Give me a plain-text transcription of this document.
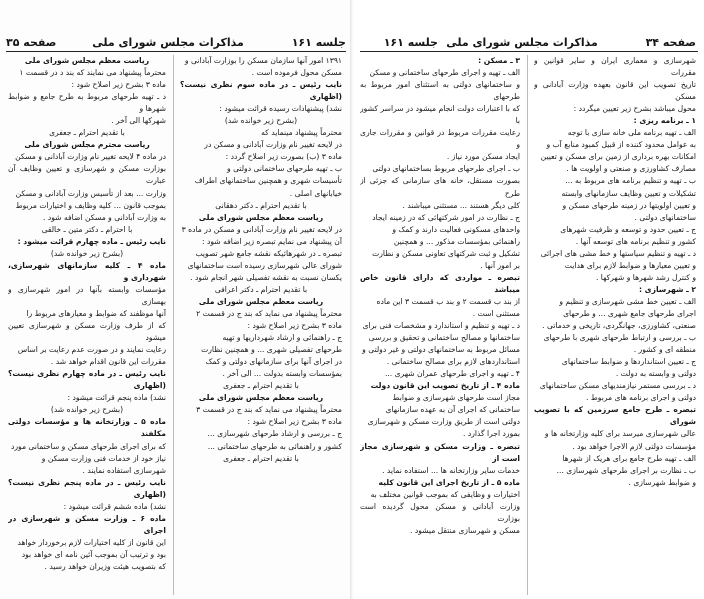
صفحه ۳۵	مذاکرات مجلس شورای ملی	جلسه ۱۶۱

ریاست معظم مجلس شورای ملی

محترماً پیشنهاد می نمایند که بند د در قسمت ۱

ماده ۳ بشرح زیر اصلاح شود :

د ـ تهیه طرحهای مربوط به طرح جامع و ضوابط شهرها و

شهرکها الی آخر .

با تقدیم احترام ـ جعفری

ریاست محترم مجلس شورای ملی

در ماده ۴ لایحه تغییر نام وزارت آبادانی و مسکن

بوزارت مسکن و شهرسازی و تعیین وظایف آن عبارت

وزارت ... بعد از تأسیس وزارت آبادانی و مسکن

بموجب قانون ... کلیه وظایف و اختیارات مربوط

به وزارت آبادانی و مسکن اضافه شود .

با احترام ـ دکتر متین ـ خالقی

نایب رئیس ـ ماده چهارم قرائت میشود :

(بشرح زیر خوانده شد)

ماده ۴ ـ کلیه سازمانهای شهرسازی، شهرداری و

مؤسسات وابسته بآنها در امور شهرسازی و بهسازی

آنها موظفند که ضوابط و معیارهای مربوط را

که از طرف وزارت مسکن و شهرسازی تعیین میشود

رعایت نمایند و در صورت عدم رعایت بر اساس

مقررات این قانون اقدام خواهد شد .

نایب رئیس ـ در ماده چهارم نظری نیست؟ (اظهاری

نشد) ماده پنجم قرائت میشود :

(بشرح زیر خوانده شد)

ماده ۵ ـ وزارتخانه ها و مؤسسات دولتی مکلفند

که برای اجرای طرحهای مسکن و ساختمانی مورد

نیاز خود از خدمات فنی وزارت مسکن و

شهرسازی استفاده نمایند .

نایب رئیس ـ در ماده پنجم نظری نیست؟ (اظهاری

نشد) ماده ششم قرائت میشود :

ماده ۶ ـ وزارت مسکن و شهرسازی در اجرای

این قانون از کلیه اختیارات لازم برخوردار خواهد

بود و ترتیب آن بموجب آئین نامه ای خواهد بود

که بتصویب هیئت وزیران خواهد رسید .

۱۳۹۱ امور آنها سازمان مسکن را بوزارت آبادانی و

مسکن محول فرموده است .

نایب رئیس ـ در ماده سوم نظری نیست؟ (اظهاری

نشد) پیشنهادات رسیده قرائت میشود :

(بشرح زیر خوانده شد)

محترماً پیشنهاد مینماید که

در لایحه تغییر نام وزارت آبادانی و مسکن در

ماده ۳ (ب) بصورت زیر اصلاح گردد :

ب ـ تهیه طرحهای ساختمانی دولتی و

تأسیسات شهری و همچنین ساختمانهای اطراف

خیابانهای اصلی .

با تقدیم احترام ـ دکتر دهقانی

ریاست معظم مجلس شورای ملی

در لایحه تغییر نام وزارت آبادانی و مسکن در ماده ۳

آن پیشنهاد می نمایم تبصره زیر اضافه شود :

تبصره ـ در شهرهائیکه نقشه جامع شهر تصویب

شورای عالی شهرسازی رسیده است ساختمانهای

یکسان نسبت به نقشه تفصیلی شهر انجام شود .

با تقدیم احترام ـ دکتر اعرافی

ریاست معظم مجلس شورای ملی

محترماً پیشنهاد می نماید که بند ج در قسمت ۲

ماده ۳ بشرح زیر اصلاح شود :

ج ـ راهنمائی و ارشاد شهرداریها و تهیه

طرحهای تفصیلی شهری ... و همچنین نظارت

در اجرای آنها برای سازمانهای دولتی و کمک

بمؤسسات وابسته بدولت ... الی آخر .

با تقدیم احترام ـ جعفری

ریاست معظم مجلس شورای ملی

محترماً پیشنهاد می نماید که بند ج در قسمت ۳

ماده ۳ بشرح زیر اصلاح شود :

ج ـ بررسی و ارشاد طرحهای شهرسازی ...

کشور و راهنمائی به طرحهای ساختمانی ...

با تقدیم احترام ـ جعفری

جلسه ۱۶۱ مذاکرات مجلس شورای ملی	صفحه ۳۴

۳ ـ مسکن :

الف ـ تهیه و اجرای طرحهای ساختمانی و مسکن

و ساختمانهای دولتی به استثنای امور مربوط به طرحهای

که با اعتبارات دولت انجام میشود در سراسر کشور با

رعایت مقررات مربوط در قوانین و مقررات جاری و

ایجاد مسکن مورد نیاز .

ب ـ اجرای طرحهای مربوط بساختمانهای دولتی

بصورت مستقل، خانه های سازمانی که جزئی از طرح

کلی دیگر هستند ... مستثنی میباشند .

ج ـ نظارت در امور شرکتهائی که در زمینه ایجاد

واحدهای مسکونی فعالیت دارند و کمک و

راهنمائی بمؤسسات مذکور ... و همچنین

تشکیل و ثبت شرکتهای تعاونی مسکن و نظارت

بر امور آنها .

تبصره ـ مواردی که دارای قانون خاص میباشد

از بند ب قسمت ۲ و بند ب قسمت ۳ این ماده

مستثنی است .

د ـ تهیه و تنظیم و استاندارد و مشخصات فنی برای

ساختمانها و مصالح ساختمانی و تحقیق و بررسی

مسائل مربوط به ساختمانهای دولتی و غیر دولتی و

استانداردهای لازم برای مصالح ساختمانی .

۴ ـ تهیه و اجرای طرحهای عمران شهری ...

ماده ۴ ـ از تاریخ تصویب این قانون دولت

مجاز است طرحهای شهرسازی و ضوابط

ساختمانی که اجرای آن به عهده سازمانهای

دولتی است از طریق وزارت مسکن و شهرسازی

بمورد اجرا گذارد .

تبصره ـ وزارت مسکن و شهرسازی مجاز است از

خدمات سایر وزارتخانه ها ... استفاده نماید .

ماده ۵ ـ از تاریخ اجرای این قانون کلیه

اختیارات و وظایفی که بموجب قوانین مختلف به

وزارت آبادانی و مسکن محول گردیده است بوزارت

مسکن و شهرسازی منتقل میشود .

شهرسازی و معماری ایران و سایر قوانین و مقررات

تاریخ تصویب این قانون بعهده وزارت آبادانی و مسکن

محول میباشد بشرح زیر تعیین میگردد :

۱ ـ برنامه ریزی :

الف ـ تهیه برنامه ملی خانه سازی با توجه

به عوامل محدود کننده از قبیل کمبود منابع آب و

امکانات بهره برداری از زمین برای مسکن و تعیین

مصارف کشاورزی و صنعتی و اولویت ها .

ب ـ تهیه و تنظیم برنامه های مربوط به ...

تشکیلات و تعیین وظایف سازمانهای وابسته

و تعیین اولویتها در زمینه طرحهای مسکن و

ساختمانهای دولتی .

ج ـ تعیین حدود و توسعه و ظرفیت شهرهای

کشور و تنظیم برنامه های توسعه آنها .

د ـ تهیه و تنظیم سیاستها و خط مشی های اجرائی

و تعیین معیارها و ضوابط لازم برای هدایت

و کنترل رشد شهرها و شهرکها .

۲ ـ شهرسازی :

الف ـ تعیین خط مشی شهرسازی و تنظیم و

اجرای طرحهای جامع شهری ... و طرحهای

صنعتی، کشاورزی، جهانگردی، تاریخی و خدماتی .

ب ـ بررسی و ارتباط طرحهای شهری با طرحهای

منطقه ای و کشور .

ج ـ تعیین استانداردها و ضوابط ساختمانهای

دولتی و وابسته به دولت .

د ـ بررسی مستمر نیازمندیهای مسکن ساختمانهای

دولتی و اجرای برنامه های مربوط .

تبصره ـ طرح جامع سرزمین که با تصویب شورای

عالی شهرسازی میرسد برای کلیه وزارتخانه ها و

مؤسسات دولتی لازم الاجرا خواهد بود .

الف ـ تهیه طرح جامع برای هریک از شهرها

ب ـ نظارت بر اجرای طرحهای شهرسازی ...

و ضوابط شهرسازی .
